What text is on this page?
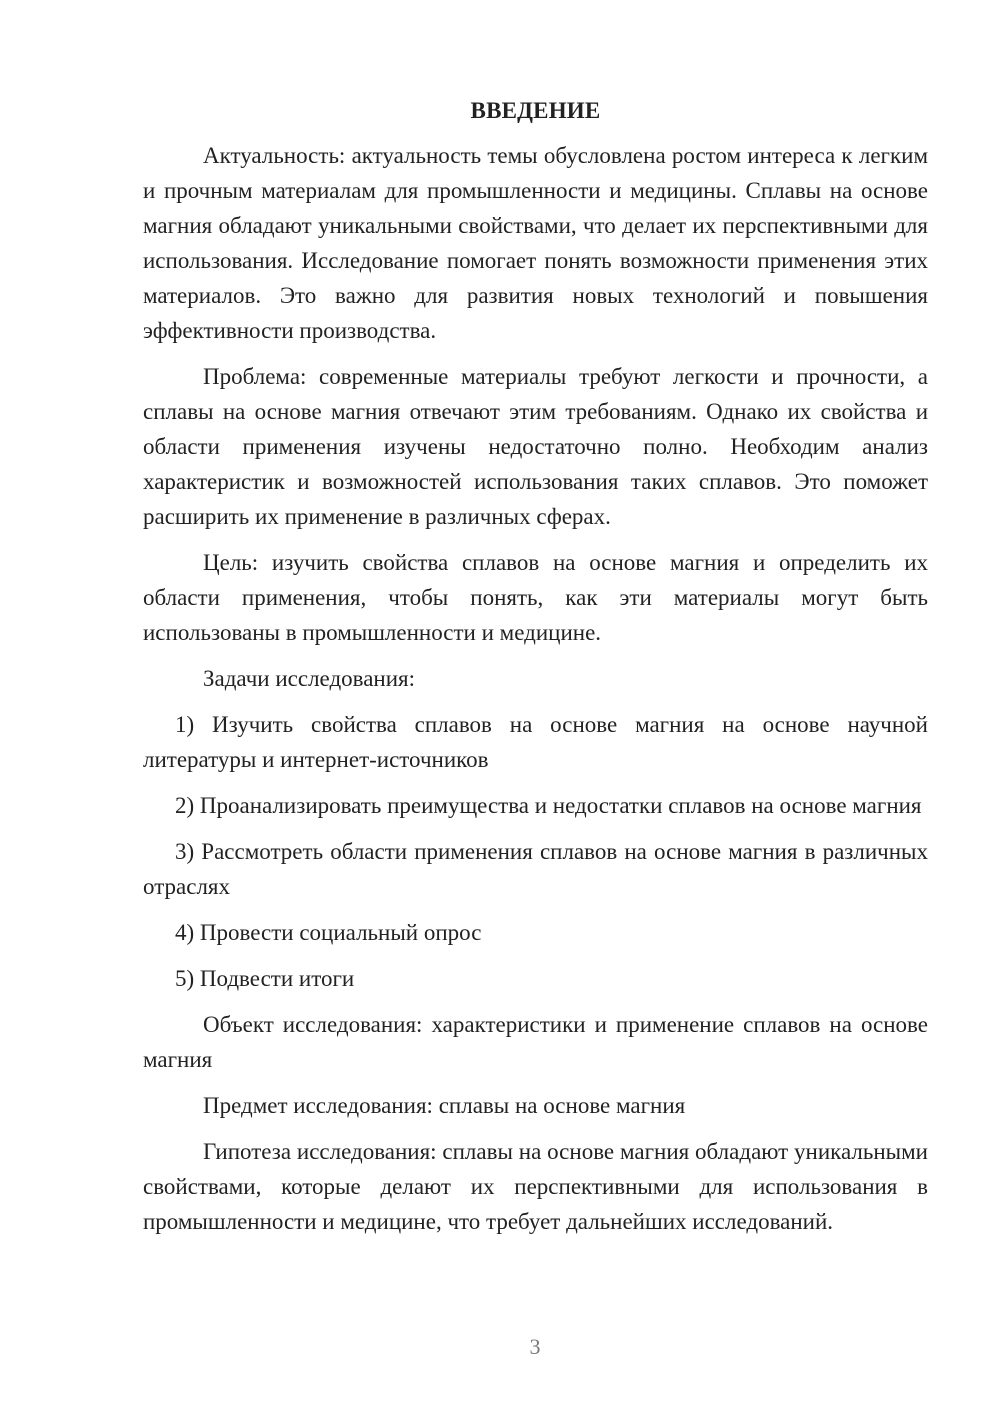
ВВЕДЕНИЕ

Актуальность: актуальность темы обусловлена ростом интереса к легким и прочным материалам для промышленности и медицины. Сплавы на основе магния обладают уникальными свойствами, что делает их перспективными для использования. Исследование помогает понять возможности применения этих материалов. Это важно для развития новых технологий и повышения эффективности производства.

Проблема: современные материалы требуют легкости и прочности, а сплавы на основе магния отвечают этим требованиям. Однако их свойства и области применения изучены недостаточно полно. Необходим анализ характеристик и возможностей использования таких сплавов. Это поможет расширить их применение в различных сферах.

Цель: изучить свойства сплавов на основе магния и определить их области применения, чтобы понять, как эти материалы могут быть использованы в промышленности и медицине.

Задачи исследования:

1) Изучить свойства сплавов на основе магния на основе научной литературы и интернет-источников

2) Проанализировать преимущества и недостатки сплавов на основе магния

3) Рассмотреть области применения сплавов на основе магния в различных отраслях

4) Провести социальный опрос

5) Подвести итоги

Объект исследования: характеристики и применение сплавов на основе магния

Предмет исследования: сплавы на основе магния

Гипотеза исследования: сплавы на основе магния обладают уникальными свойствами, которые делают их перспективными для использования в промышленности и медицине, что требует дальнейших исследований.

3
